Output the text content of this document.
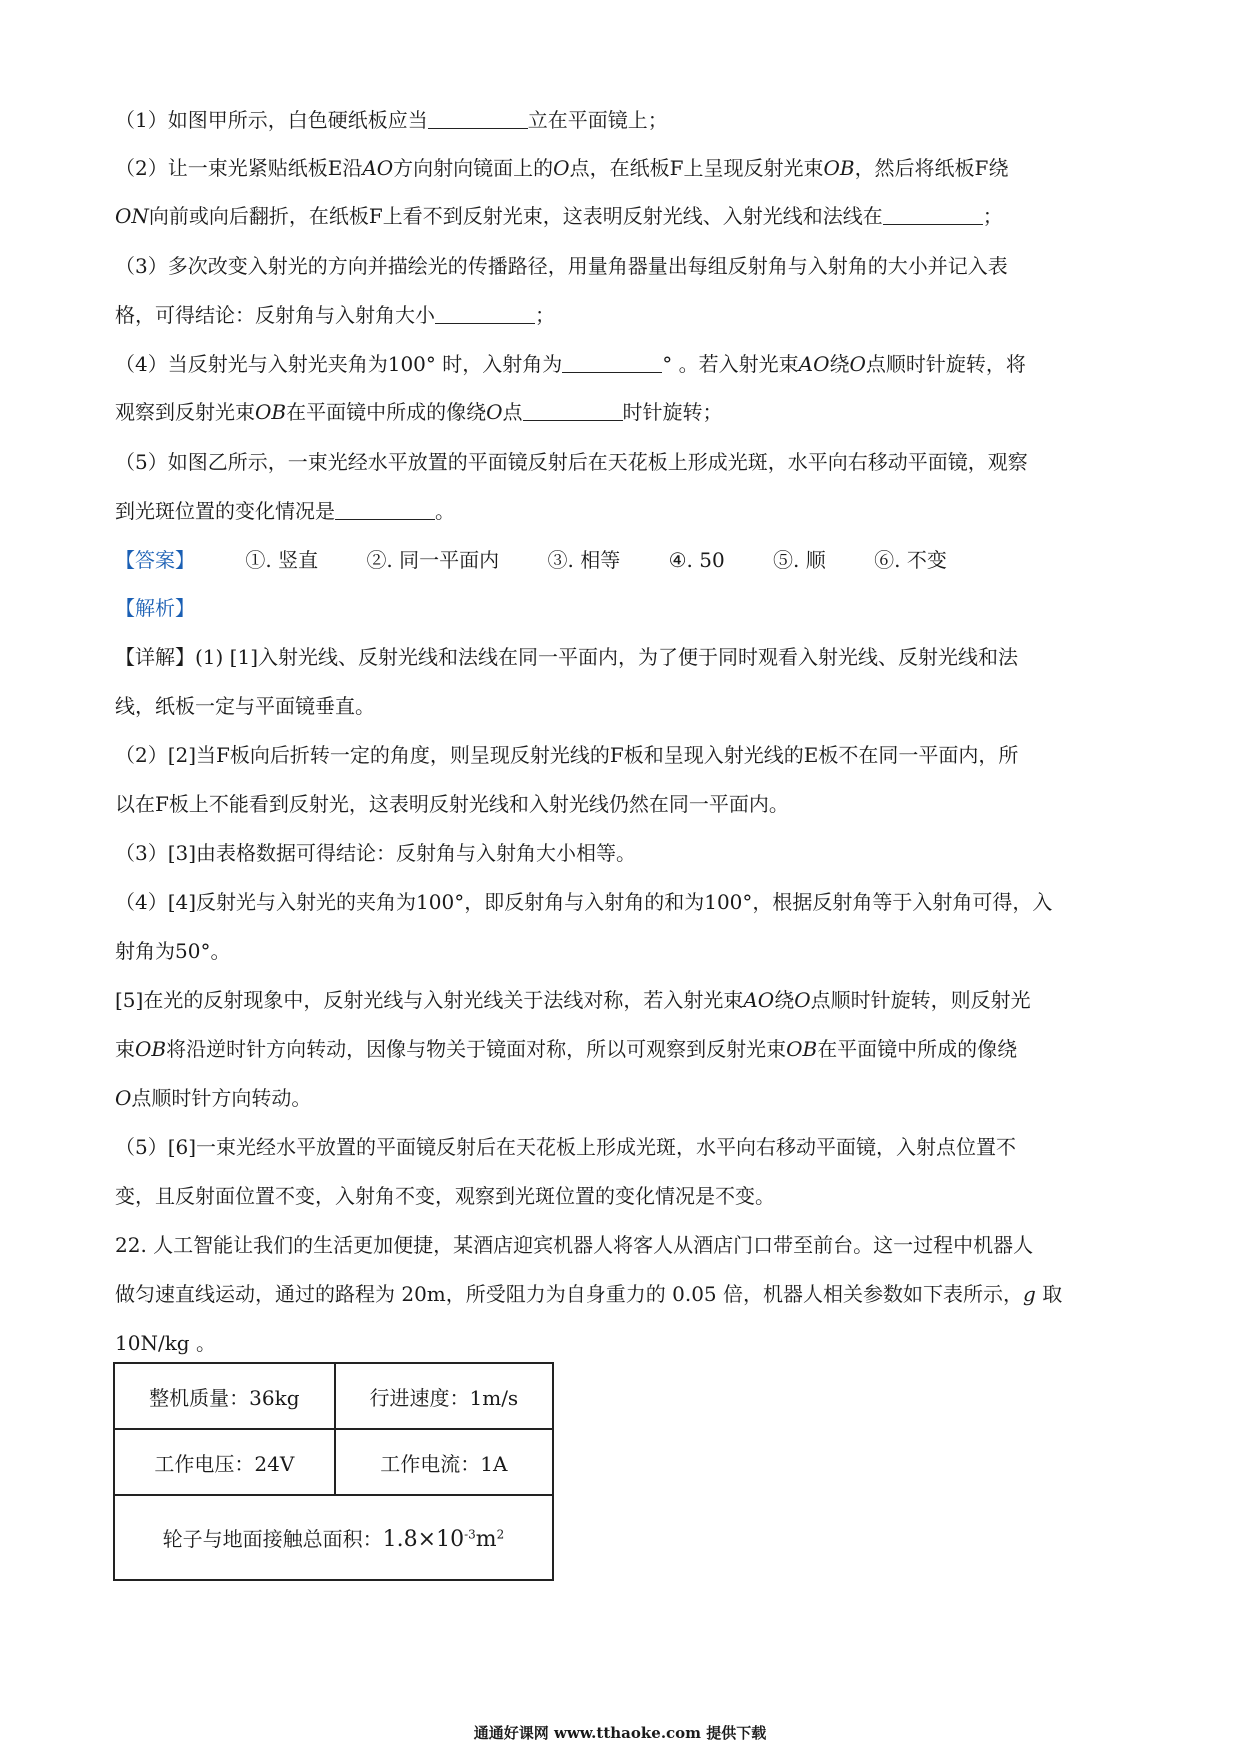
（1）如图甲所示，白色硬纸板应当	立在平面镜上；
（2）让一束光紧贴纸板E沿AO方向射向镜面上的O点，在纸板F上呈现反射光束OB，然后将纸板F绕
ON向前或向后翻折，在纸板F上看不到反射光束，这表明反射光线、入射光线和法线在	；
（3）多次改变入射光的方向并描绘光的传播路径，用量角器量出每组反射角与入射角的大小并记入表
格，可得结论：反射角与入射角大小	；
（4）当反射光与入射光夹角为100° 时，入射角为	° 。若入射光束AO绕O点顺时针旋转，将
观察到反射光束OB在平面镜中所成的像绕O点	时针旋转；
（5）如图乙所示，一束光经水平放置的平面镜反射后在天花板上形成光斑，水平向右移动平面镜，观察
到光斑位置的变化情况是	。
【答案】	①. 竖直 ②. 同一平面内 ③. 相等 ④. 50 ⑤. 顺 ⑥. 不变
【解析】
【详解】(1) [1]入射光线、反射光线和法线在同一平面内，为了便于同时观看入射光线、反射光线和法
线，纸板一定与平面镜垂直。
（2）[2]当F板向后折转一定的角度，则呈现反射光线的F板和呈现入射光线的E板不在同一平面内，所
以在F板上不能看到反射光，这表明反射光线和入射光线仍然在同一平面内。
（3）[3]由表格数据可得结论：反射角与入射角大小相等。
（4）[4]反射光与入射光的夹角为100°，即反射角与入射角的和为100°，根据反射角等于入射角可得，入
射角为50°。
[5]在光的反射现象中，反射光线与入射光线关于法线对称，若入射光束AO绕O点顺时针旋转，则反射光
束OB将沿逆时针方向转动，因像与物关于镜面对称，所以可观察到反射光束OB在平面镜中所成的像绕
O点顺时针方向转动。
（5）[6]一束光经水平放置的平面镜反射后在天花板上形成光斑，水平向右移动平面镜，入射点位置不
变，且反射面位置不变，入射角不变，观察到光斑位置的变化情况是不变。
22. 人工智能让我们的生活更加便捷，某酒店迎宾机器人将客人从酒店门口带至前台。这一过程中机器人
做匀速直线运动，通过的路程为 20m，所受阻力为自身重力的 0.05 倍，机器人相关参数如下表所示，g 取
10N/kg 。
整机质量：36kg	行进速度：1m/s
工作电压：24V	工作电流：1A
轮子与地面接触总面积：$1.8\times 10^{-3}m^2$
通通好课网 www.tthaoke.com 提供下载
